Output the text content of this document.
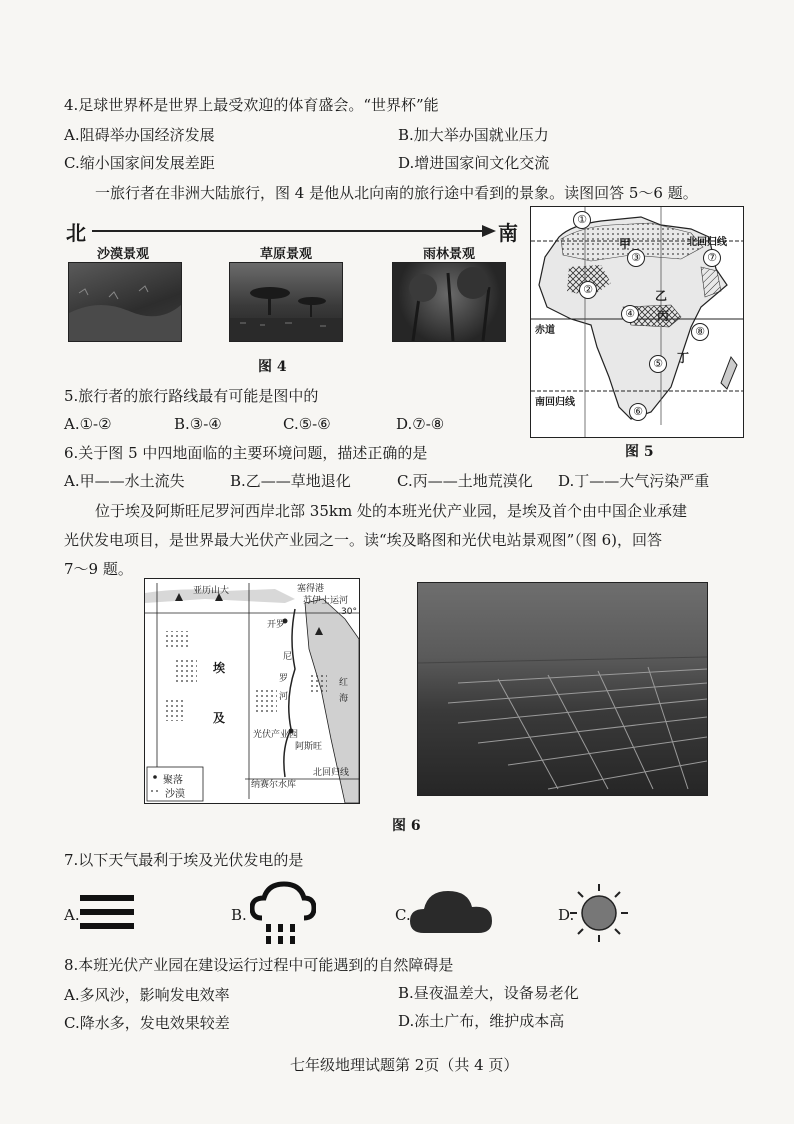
4.足球世界杯是世界上最受欢迎的体育盛会。“世界杯”能
A.阻碍举办国经济发展	B.加大举办国就业压力
C.缩小国家间发展差距	D.增进国家间文化交流
一旅行者在非洲大陆旅行，图 4 是他从北向南的旅行途中看到的景象。读图回答 5～6 题。
北	南
沙漠景观	草原景观	雨林景观
图 4
甲
乙
丙
丁
北回归线
赤道
南回归线
①
②
③
④
⑤
⑥
⑦
⑧
图 5
5.旅行者的旅行路线最有可能是图中的
A.①-②	B.③-④	C.⑤-⑥	D.⑦-⑧
6.关于图 5 中四地面临的主要环境问题，描述正确的是
A.甲——水土流失	B.乙——草地退化	C.丙——土地荒漠化 D.丁——大气污染严重
位于埃及阿斯旺尼罗河西岸北部 35km 处的本班光伏产业园，是埃及首个由中国企业承建
光伏发电项目，是世界最大光伏产业园之一。读“埃及略图和光伏电站景观图”（图 6)，回答
7～9 题。
亚历山大	塞得港
苏伊士运河
开罗
30°
埃
及
尼
罗
河
红
海
光伏产业园
阿斯旺
北回归线
纳赛尔水库
聚落
沙漠
图 6
7.以下天气最利于埃及光伏发电的是
A.	B.	C.	D.
8.本班光伏产业园在建设运行过程中可能遇到的自然障碍是
A.多风沙，影响发电效率	B.昼夜温差大，设备易老化
C.降水多，发电效果较差	D.冻土广布，维护成本高
七年级地理试题第 2页（共 4 页）
